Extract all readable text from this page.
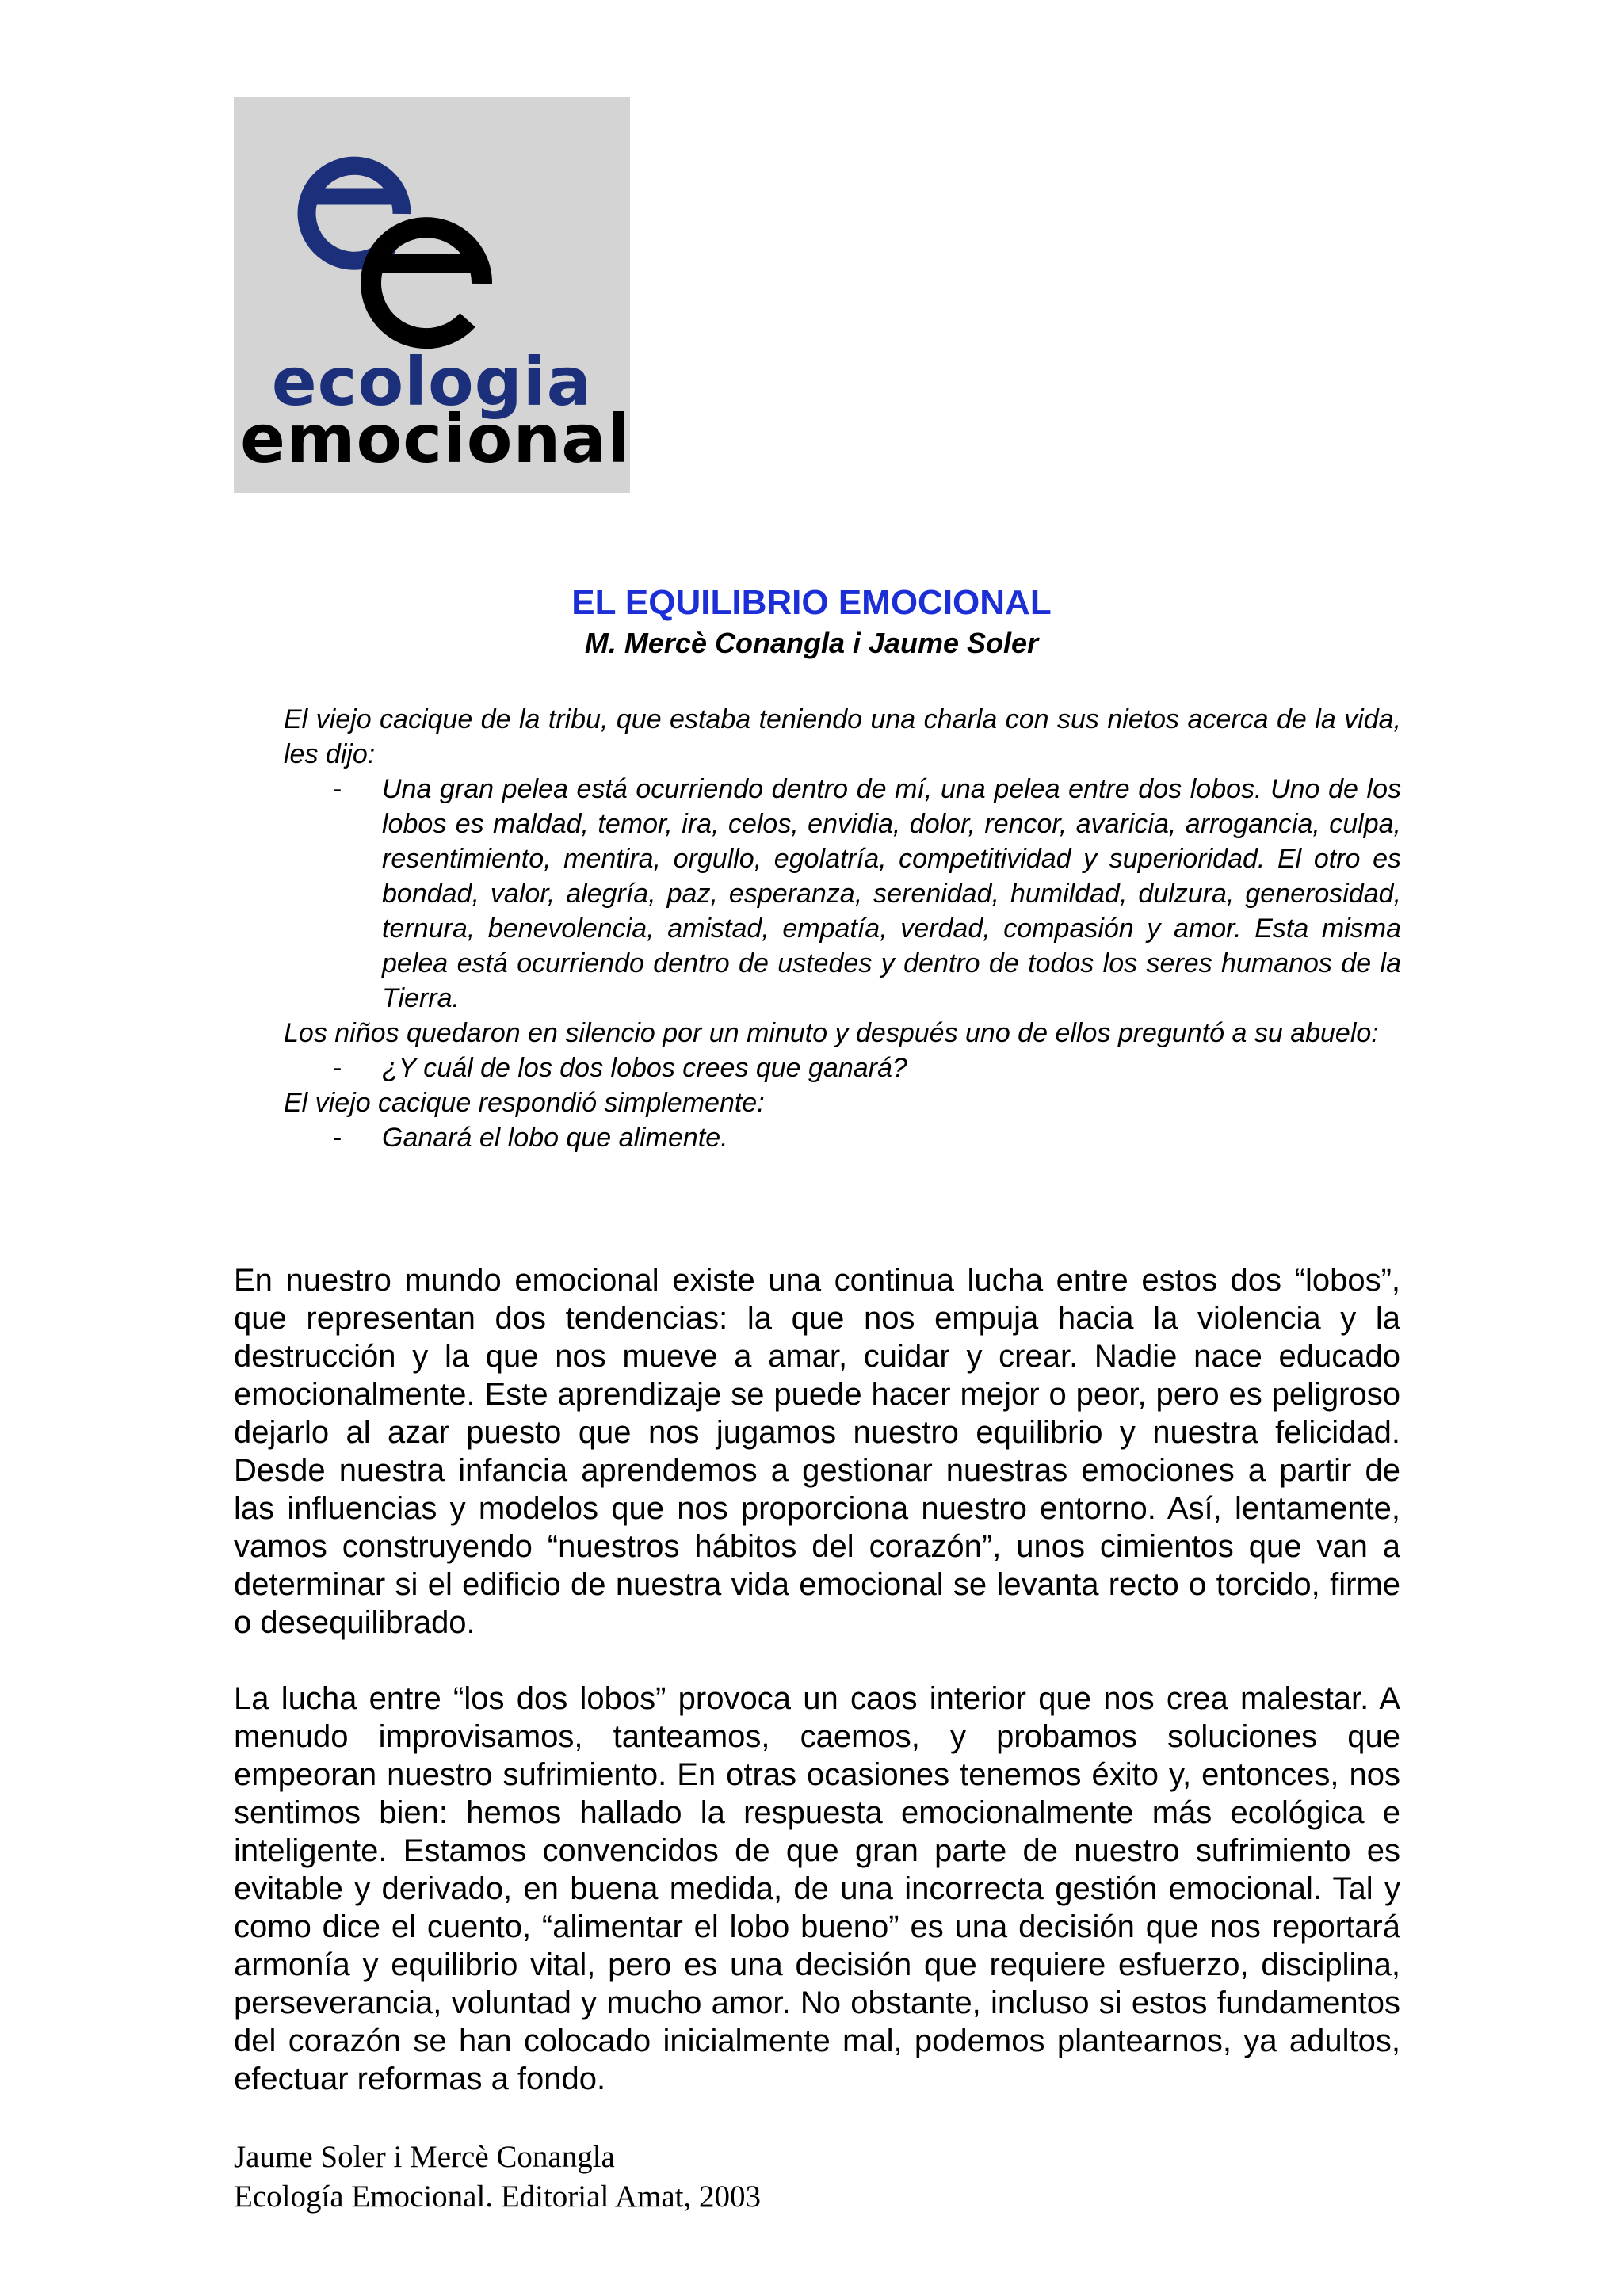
ecologia
emocional
EL EQUILIBRIO EMOCIONAL
M. Mercè Conangla i Jaume Soler

El viejo cacique de la tribu, que estaba teniendo una charla con sus nietos acerca de la vida, les dijo:

- Una gran pelea está ocurriendo dentro de mí, una pelea entre dos lobos. Uno de los lobos es maldad, temor, ira, celos, envidia, dolor, rencor, avaricia, arrogancia, culpa, resentimiento, mentira, orgullo, egolatría, competitividad y superioridad. El otro es bondad, valor, alegría, paz, esperanza, serenidad, humildad, dulzura, generosidad, ternura, benevolencia, amistad, empatía, verdad, compasión y amor. Esta misma pelea está ocurriendo dentro de ustedes y dentro de todos los seres humanos de la Tierra.

Los niños quedaron en silencio por un minuto y después uno de ellos preguntó a su abuelo:

- ¿Y cuál de los dos lobos crees que ganará?

El viejo cacique respondió simplemente:

- Ganará el lobo que alimente.

En nuestro mundo emocional existe una continua lucha entre estos dos “lobos”, que representan dos tendencias: la que nos empuja hacia la violencia y la destrucción y la que nos mueve a amar, cuidar y crear. Nadie nace educado emocionalmente. Este aprendizaje se puede hacer mejor o peor, pero es peligroso dejarlo al azar puesto que nos jugamos nuestro equilibrio y nuestra felicidad. Desde nuestra infancia aprendemos a gestionar nuestras emociones a partir de las influencias y modelos que nos proporciona nuestro entorno. Así, lentamente, vamos construyendo “nuestros hábitos del corazón”, unos cimientos que van a determinar si el edificio de nuestra vida emocional se levanta recto o torcido, firme o desequilibrado.

La lucha entre “los dos lobos” provoca un caos interior que nos crea malestar. A menudo improvisamos, tanteamos, caemos, y probamos soluciones que empeoran nuestro sufrimiento. En otras ocasiones tenemos éxito y, entonces, nos sentimos bien: hemos hallado la respuesta emocionalmente más ecológica e inteligente. Estamos convencidos de que gran parte de nuestro sufrimiento es evitable y derivado, en buena medida, de una incorrecta gestión emocional. Tal y como dice el cuento, “alimentar el lobo bueno” es una decisión que nos reportará armonía y equilibrio vital, pero es una decisión que requiere esfuerzo, disciplina, perseverancia, voluntad y mucho amor. No obstante, incluso si estos fundamentos del corazón se han colocado inicialmente mal, podemos plantearnos, ya adultos, efectuar reformas a fondo.

Jaume Soler i Mercè Conangla
Ecología Emocional. Editorial Amat, 2003
